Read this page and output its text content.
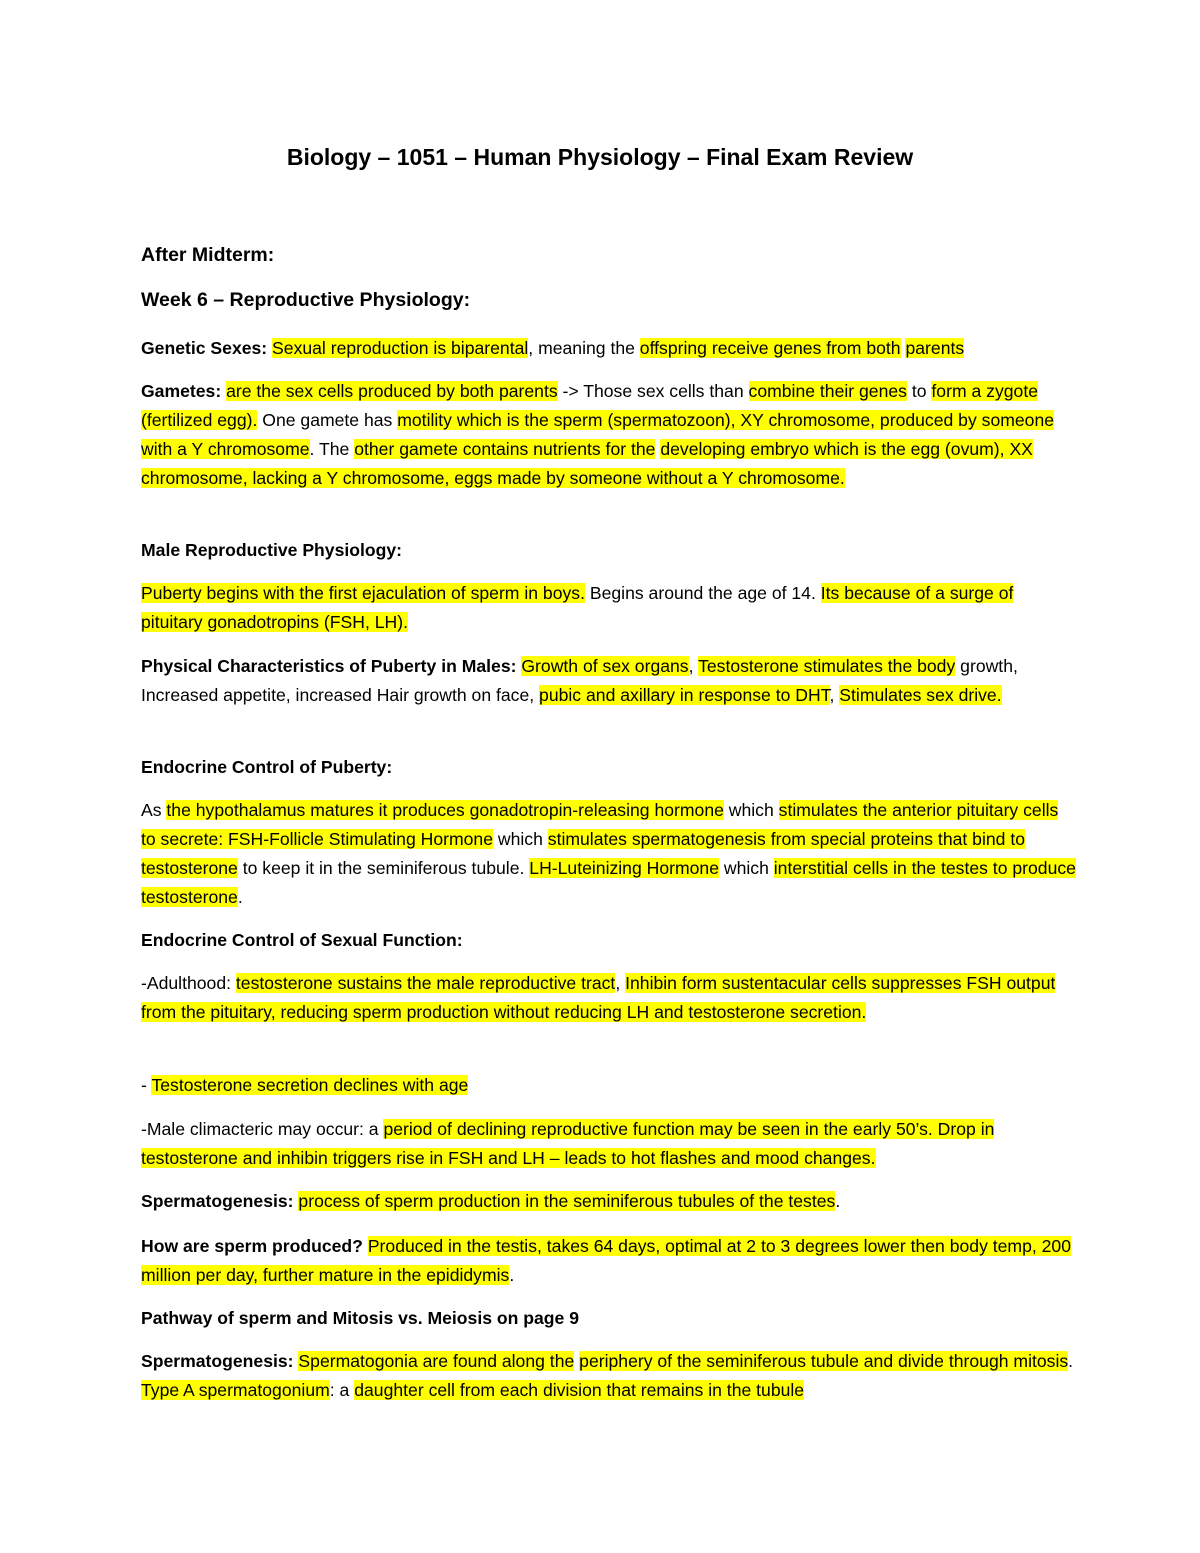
Biology – 1051 – Human Physiology – Final Exam Review
After Midterm:
Week 6 – Reproductive Physiology:

Genetic Sexes: Sexual reproduction is biparental, meaning the offspring receive genes from both parents

Gametes: are the sex cells produced by both parents -> Those sex cells than combine their genes to form a zygote (fertilized egg). One gamete has motility which is the sperm (spermatozoon), XY chromosome, produced by someone with a Y chromosome. The other gamete contains nutrients for the developing embryo which is the egg (ovum), XX chromosome, lacking a Y chromosome, eggs made by someone without a Y chromosome.

Male Reproductive Physiology:

Puberty begins with the first ejaculation of sperm in boys. Begins around the age of 14. Its because of a surge of pituitary gonadotropins (FSH, LH).

Physical Characteristics of Puberty in Males: Growth of sex organs, Testosterone stimulates the body growth, Increased appetite, increased Hair growth on face, pubic and axillary in response to DHT, Stimulates sex drive.

Endocrine Control of Puberty:

As the hypothalamus matures it produces gonadotropin-releasing hormone which stimulates the anterior pituitary cells to secrete: FSH-Follicle Stimulating Hormone which stimulates spermatogenesis from special proteins that bind to testosterone to keep it in the seminiferous tubule. LH-Luteinizing Hormone which interstitial cells in the testes to produce testosterone.

Endocrine Control of Sexual Function:

-Adulthood: testosterone sustains the male reproductive tract, Inhibin form sustentacular cells suppresses FSH output from the pituitary, reducing sperm production without reducing LH and testosterone secretion.

- Testosterone secretion declines with age

-Male climacteric may occur: a period of declining reproductive function may be seen in the early 50’s. Drop in testosterone and inhibin triggers rise in FSH and LH – leads to hot flashes and mood changes.

Spermatogenesis: process of sperm production in the seminiferous tubules of the testes.

How are sperm produced? Produced in the testis, takes 64 days, optimal at 2 to 3 degrees lower then body temp, 200 million per day, further mature in the epididymis.

Pathway of sperm and Mitosis vs. Meiosis on page 9

Spermatogenesis: Spermatogonia are found along the periphery of the seminiferous tubule and divide through mitosis. Type A spermatogonium: a daughter cell from each division that remains in the tubule
